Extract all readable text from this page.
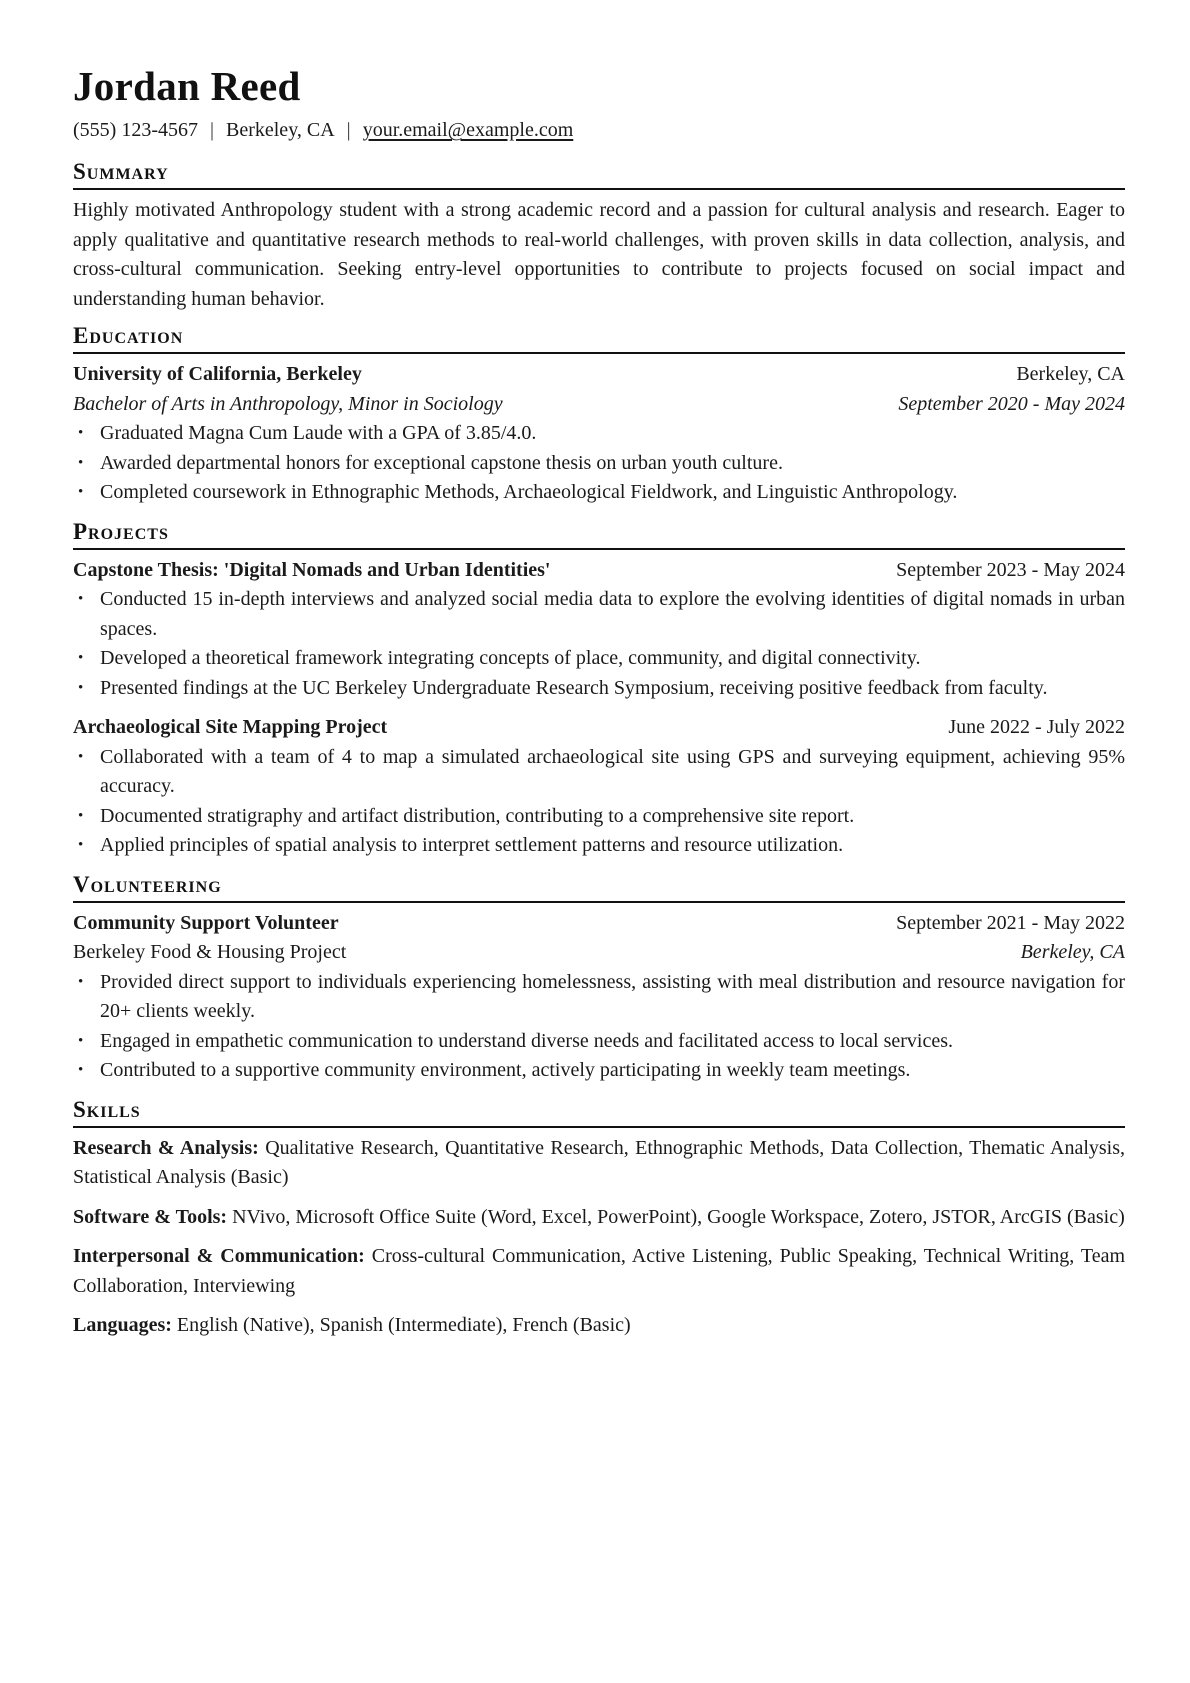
Jordan Reed
(555) 123-4567 | Berkeley, CA | your.email@example.com
Summary

Highly motivated Anthropology student with a strong academic record and a passion for cultural analysis and research. Eager to apply qualitative and quantitative research methods to real-world challenges, with proven skills in data collection, analysis, and cross-cultural communication. Seeking entry-level opportunities to contribute to projects focused on social impact and understanding human behavior.

Education
University of California, Berkeley	Berkeley, CA
Bachelor of Arts in Anthropology, Minor in Sociology	September 2020 - May 2024
• Graduated Magna Cum Laude with a GPA of 3.85/4.0.
• Awarded departmental honors for exceptional capstone thesis on urban youth culture.
• Completed coursework in Ethnographic Methods, Archaeological Fieldwork, and Linguistic Anthropology.
Projects
Capstone Thesis: 'Digital Nomads and Urban Identities'	September 2023 - May 2024
• Conducted 15 in-depth interviews and analyzed social media data to explore the evolving identities of digital nomads in urban spaces.
• Developed a theoretical framework integrating concepts of place, community, and digital connectivity.
• Presented findings at the UC Berkeley Undergraduate Research Symposium, receiving positive feedback from faculty.
Archaeological Site Mapping Project	June 2022 - July 2022
• Collaborated with a team of 4 to map a simulated archaeological site using GPS and surveying equipment, achieving 95% accuracy.
• Documented stratigraphy and artifact distribution, contributing to a comprehensive site report.
• Applied principles of spatial analysis to interpret settlement patterns and resource utilization.
Volunteering
Community Support Volunteer	September 2021 - May 2022
Berkeley Food & Housing Project	Berkeley, CA
• Provided direct support to individuals experiencing homelessness, assisting with meal distribution and resource navigation for 20+ clients weekly.
• Engaged in empathetic communication to understand diverse needs and facilitated access to local services.
• Contributed to a supportive community environment, actively participating in weekly team meetings.
Skills

Research & Analysis: Qualitative Research, Quantitative Research, Ethnographic Methods, Data Collection, Thematic Analysis, Statistical Analysis (Basic)

Software & Tools: NVivo, Microsoft Office Suite (Word, Excel, PowerPoint), Google Workspace, Zotero, JSTOR, ArcGIS (Basic)

Interpersonal & Communication: Cross-cultural Communication, Active Listening, Public Speaking, Technical Writing, Team Collaboration, Interviewing

Languages: English (Native), Spanish (Intermediate), French (Basic)
